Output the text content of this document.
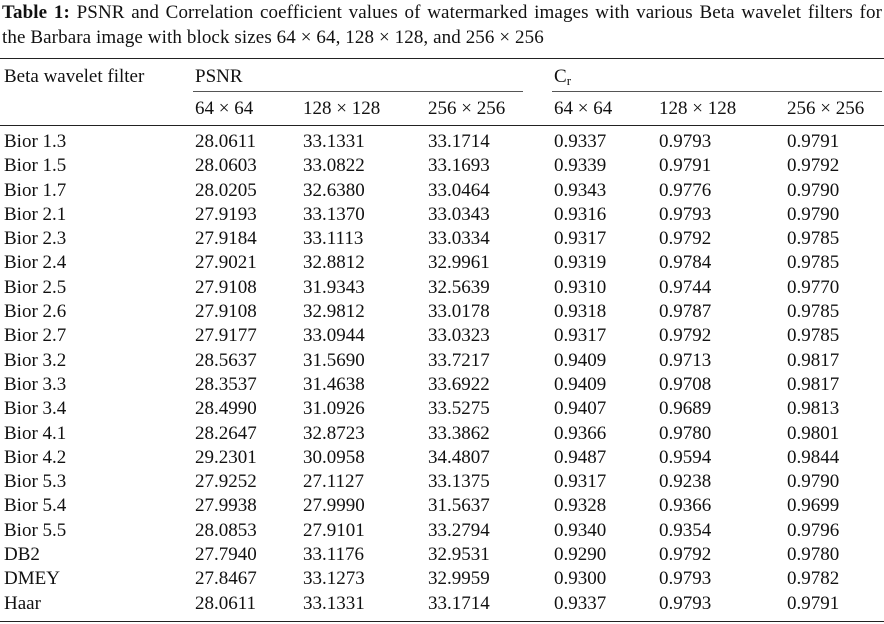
Table 1: PSNR and Correlation coefficient values of watermarked images with various Beta wavelet filters for the Barbara image with block sizes 64 × 64, 128 × 128, and 256 × 256
Beta wavelet filter	PSNR	$C_r$
64 × 64	128 × 128	256 × 256	64 × 64 128 × 128	256 × 256
Bior 1.3	28.0611 33.1331	33.1714	0.9337	0.9793	0.9791
Bior 1.5	28.0603 33.0822	33.1693	0.9339	0.9791	0.9792
Bior 1.7	28.0205 32.6380	33.0464	0.9343	0.9776	0.9790
Bior 2.1	27.9193 33.1370	33.0343	0.9316	0.9793	0.9790
Bior 2.3	27.9184 33.1113	33.0334	0.9317	0.9792	0.9785
Bior 2.4	27.9021 32.8812	32.9961	0.9319	0.9784	0.9785
Bior 2.5	27.9108 31.9343	32.5639	0.9310	0.9744	0.9770
Bior 2.6	27.9108 32.9812	33.0178	0.9318	0.9787	0.9785
Bior 2.7	27.9177 33.0944	33.0323	0.9317	0.9792	0.9785
Bior 3.2	28.5637 31.5690	33.7217	0.9409	0.9713	0.9817
Bior 3.3	28.3537 31.4638	33.6922	0.9409	0.9708	0.9817
Bior 3.4	28.4990 31.0926	33.5275	0.9407	0.9689	0.9813
Bior 4.1	28.2647 32.8723	33.3862	0.9366	0.9780	0.9801
Bior 4.2	29.2301 30.0958	34.4807	0.9487	0.9594	0.9844
Bior 5.3	27.9252 27.1127	33.1375	0.9317	0.9238	0.9790
Bior 5.4	27.9938 27.9990	31.5637	0.9328	0.9366	0.9699
Bior 5.5	28.0853 27.9101	33.2794	0.9340	0.9354	0.9796
DB2	27.7940 33.1176	32.9531	0.9290	0.9792	0.9780
DMEY	27.8467 33.1273	32.9959	0.9300	0.9793	0.9782
Haar	28.0611 33.1331	33.1714	0.9337	0.9793	0.9791
